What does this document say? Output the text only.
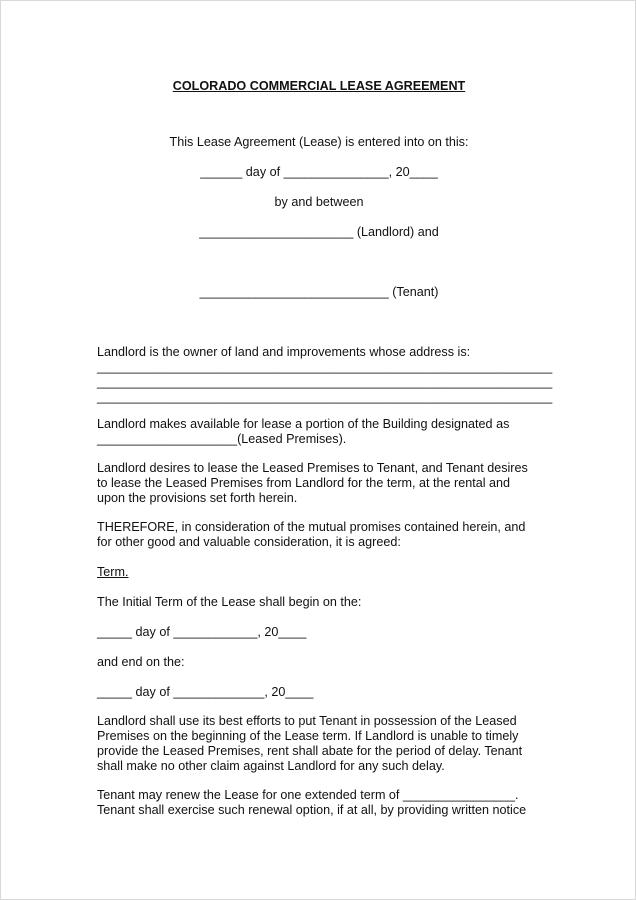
COLORADO COMMERCIAL LEASE AGREEMENT
This Lease Agreement (Lease) is entered into on this:
______ day of _______________, 20____
by and between
______________________ (Landlord) and
___________________________ (Tenant)
Landlord is the owner of land and improvements whose address is:
_________________________________________________________________
_________________________________________________________________
_________________________________________________________________
Landlord makes available for lease a portion of the Building designated as
____________________(Leased Premises).
Landlord desires to lease the Leased Premises to Tenant, and Tenant desires
to lease the Leased Premises from Landlord for the term, at the rental and
upon the provisions set forth herein.
THEREFORE, in consideration of the mutual promises contained herein, and
for other good and valuable consideration, it is agreed:
Term.
The Initial Term of the Lease shall begin on the:
_____ day of ____________, 20____
and end on the:
_____ day of _____________, 20____
Landlord shall use its best efforts to put Tenant in possession of the Leased
Premises on the beginning of the Lease term. If Landlord is unable to timely
provide the Leased Premises, rent shall abate for the period of delay. Tenant
shall make no other claim against Landlord for any such delay.
Tenant may renew the Lease for one extended term of ________________.
Tenant shall exercise such renewal option, if at all, by providing written notice
